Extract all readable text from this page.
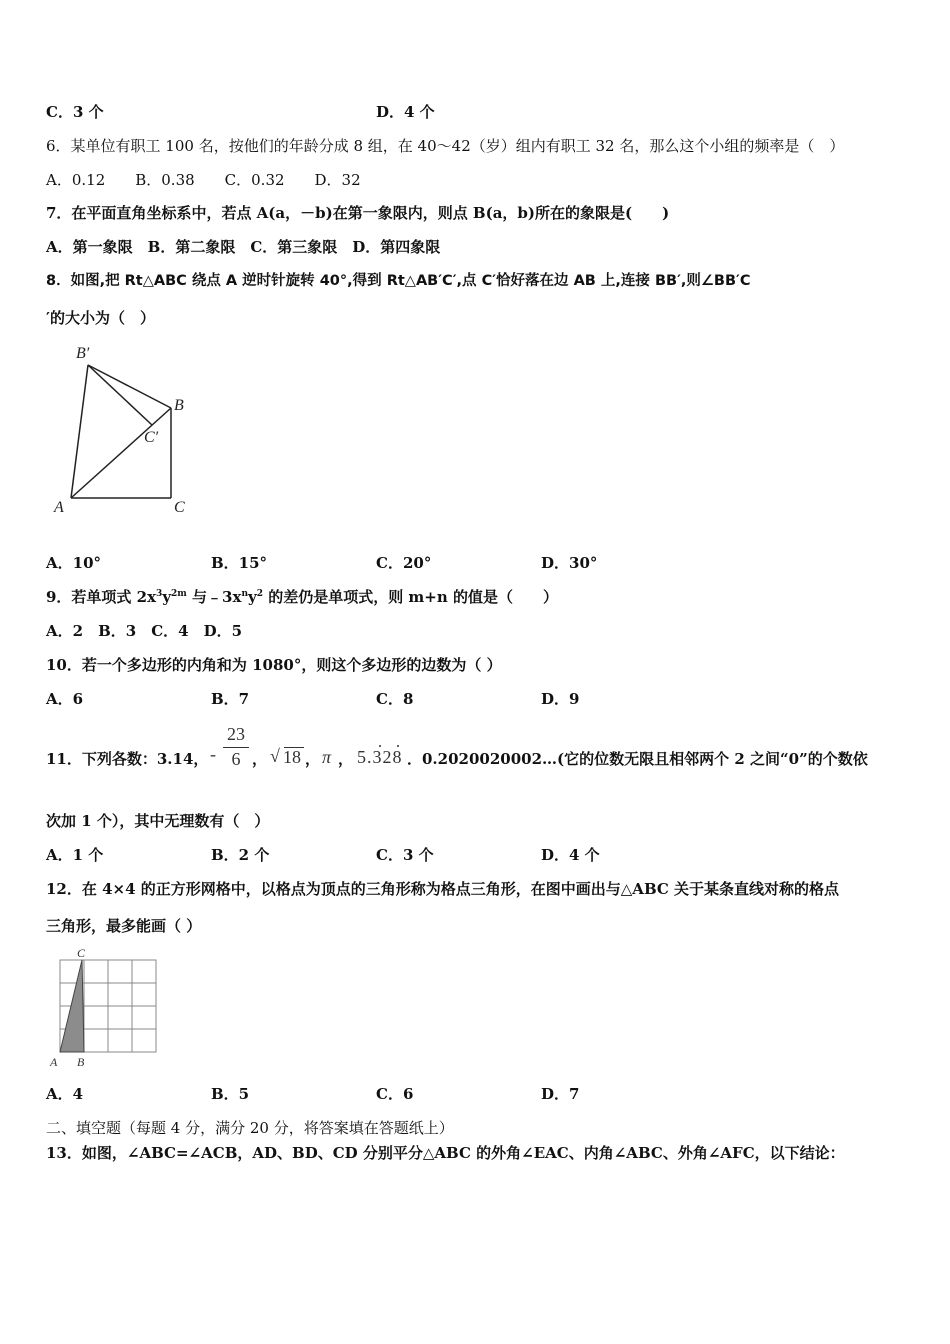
C．3 个	D．4 个
6．某单位有职工 100 名，按他们的年龄分成 8 组，在 40～42（岁）组内有职工 32 名，那么这个小组的频率是（　）
A．0.12　　B．0.38　　C．0.32　　D．32
7．在平面直角坐标系中，若点 A(a，－b)在第一象限内，则点 B(a，b)所在的象限是(　　)
A．第一象限　B．第二象限　C．第三象限　D．第四象限
8．如图,把 Rt△ABC 绕点 A 逆时针旋转 40°,得到 Rt△AB′C′,点 C′恰好落在边 AB 上,连接 BB′,则∠BB′C
′的大小为（　）
B′
B
C′
A	C
A．10°	B．15°	C．20°	D．30°
9．若单项式 $2x^3y^{2m}$ 与$﹣3x^ny^2$ 的差仍是单项式，则 m+n 的值是（　　）
A．2　B．3　C．4　D．5
10．若一个多边形的内角和为 1080°，则这个多边形的边数为（ ）
A．6	B．7	C．8	D．9
11．下列各数：3.14， -
23
6 ， √ 18 ， π ， 5.328 ．0.2020020002…(它的位数无限且相邻两个 2 之间“0”的个数依
次加 1 个），其中无理数有（　）
A．1 个	B．2 个	C．3 个	D．4 个
12．在 4×4 的正方形网格中，以格点为顶点的三角形称为格点三角形，在图中画出与△ABC 关于某条直线对称的格点
三角形，最多能画（ ）
C
A B
A．4	B．5	C．6	D．7
二、填空题（每题 4 分，满分 20 分，将答案填在答题纸上）
13．如图，∠ABC=∠ACB，AD、BD、CD 分别平分△ABC 的外角∠EAC、内角∠ABC、外角∠AFC，以下结论：
